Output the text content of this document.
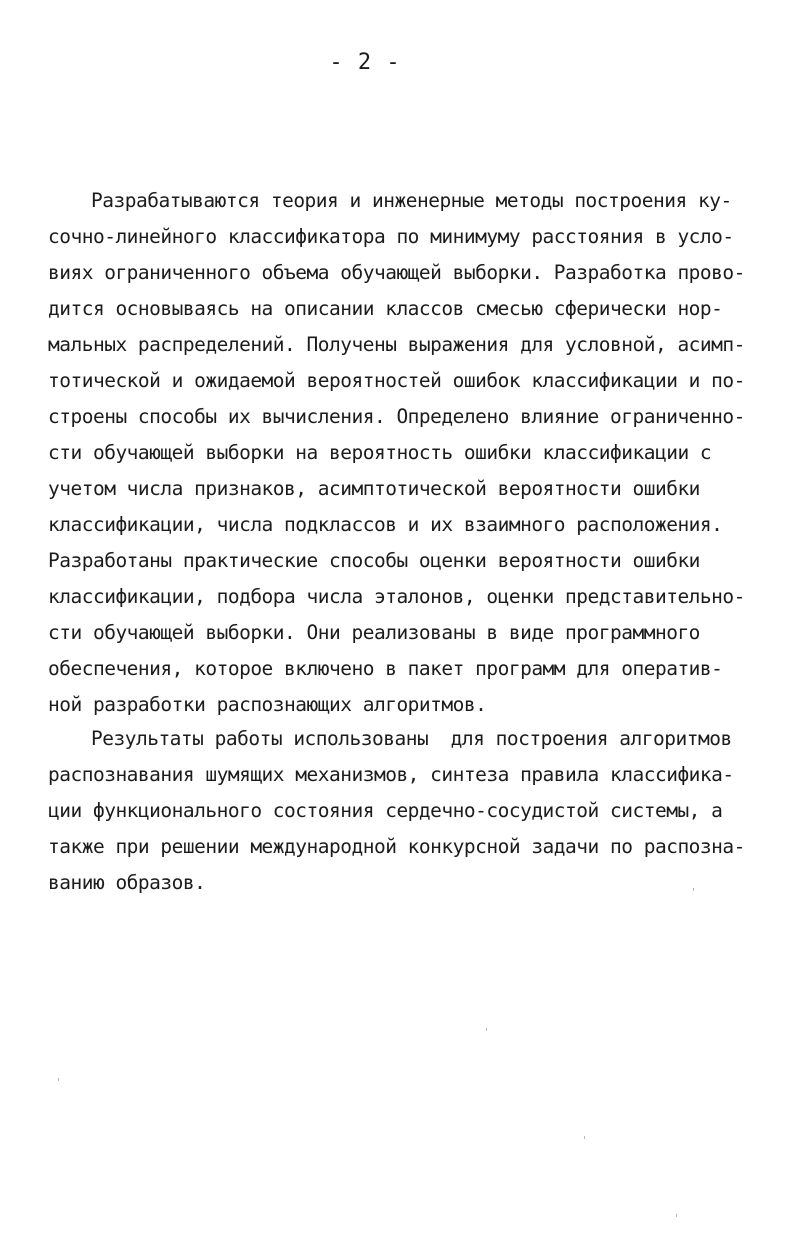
- 2 -
Разрабатываются теория и инженерные методы построения ку-
сочно-линейного классификатора по минимуму расстояния в усло-
виях ограниченного объема обучающей выборки. Разработка прово-
дится основываясь на описании классов смесью сферически нор-
мальных распределений. Получены выражения для условной, асимп-
тотической и ожидаемой вероятностей ошибок классификации и по-
строены способы их вычисления. Определено влияние ограниченно-
сти обучающей выборки на вероятность ошибки классификации с
учетом числа признаков, асимптотической вероятности ошибки
классификации, числа подклассов и их взаимного расположения.
Разработаны практические способы оценки вероятности ошибки
классификации, подбора числа эталонов, оценки представительно-
сти обучающей выборки. Они реализованы в виде программного
обеспечения, которое включено в пакет программ для оператив-
ной разработки распознающих алгоритмов.
Результаты работы использованы  для построения алгоритмов
распознавания шумящих механизмов, синтеза правила классифика-
ции функционального состояния сердечно-сосудистой системы, а
также при решении международной конкурсной задачи по распозна-
ванию образов.
